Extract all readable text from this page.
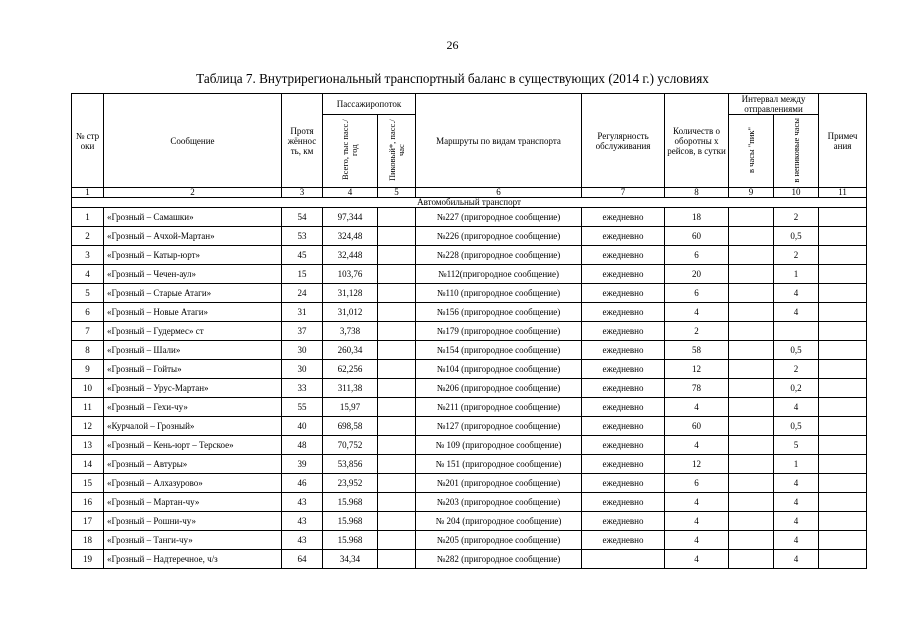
26
Таблица 7. Внутрирегиональный транспортный баланс в существующих (2014 г.) условиях
№ стр оки	Сообщение	Протя жённос ть, км	Пассажиропоток		Маршруты по видам транспорта	Регулярность обслуживания	Количеств о оборотны х рейсов, в сутки	Интервал между отправлениями		Примеч ания
			Всего, тыс пасс./год	Пиковый*, пасс./час				в часы "пик"	в непиковые часы	
1	2	3	4	5	6	7	8	9	10	11
Автомобильный транспорт										
1	«Грозный – Самашки»	54	97,344		№227 (пригородное сообщение)	ежедневно	18		2	
2	«Грозный – Ачхой-Мартан»	53	324,48		№226 (пригородное сообщение)	ежедневно	60		0,5	
3	«Грозный – Катыр-юрт»	45	32,448		№228 (пригородное сообщение)	ежедневно	6		2	
4	«Грозный – Чечен-аул»	15	103,76		№112(пригородное сообщение)	ежедневно	20		1	
5	«Грозный – Старые Атаги»	24	31,128		№110 (пригородное сообщение)	ежедневно	6		4	
6	«Грозный – Новые Атаги»	31	31,012		№156 (пригородное сообщение)	ежедневно	4		4	
7	«Грозный – Гудермес» ст	37	3,738		№179 (пригородное сообщение)	ежедневно	2			
8	«Грозный – Шали»	30	260,34		№154 (пригородное сообщение)	ежедневно	58		0,5	
9	«Грозный – Гойты»	30	62,256		№104 (пригородное сообщение)	ежедневно	12		2	
10	«Грозный – Урус-Мартан»	33	311,38		№206 (пригородное сообщение)	ежедневно	78		0,2	
11	«Грозный – Гехи-чу»	55	15,97		№211 (пригородное сообщение)	ежедневно	4		4	
12	«Курчалой – Грозный»	40	698,58		№127 (пригородное сообщение)	ежедневно	60		0,5	
13	«Грозный – Кень-юрт – Терское»	48	70,752		№ 109 (пригородное сообщение)	ежедневно	4		5	
14	«Грозный – Автуры»	39	53,856		№ 151 (пригородное сообщение)	ежедневно	12		1	
15	«Грозный – Алхазурово»	46	23,952		№201 (пригородное сообщение)	ежедневно	6		4	
16	«Грозный – Мартан-чу»	43	15.968		№203 (пригородное сообщение)	ежедневно	4		4	
17	«Грозный – Рошни-чу»	43	15.968		№ 204 (пригородное сообщение)	ежедневно	4		4	
18	«Грозный – Танги-чу»	43	15.968		№205 (пригородное сообщение)	ежедневно	4		4	
19	«Грозный – Надтеречное, ч/з	64	34,34		№282 (пригородное сообщение)		4		4	
